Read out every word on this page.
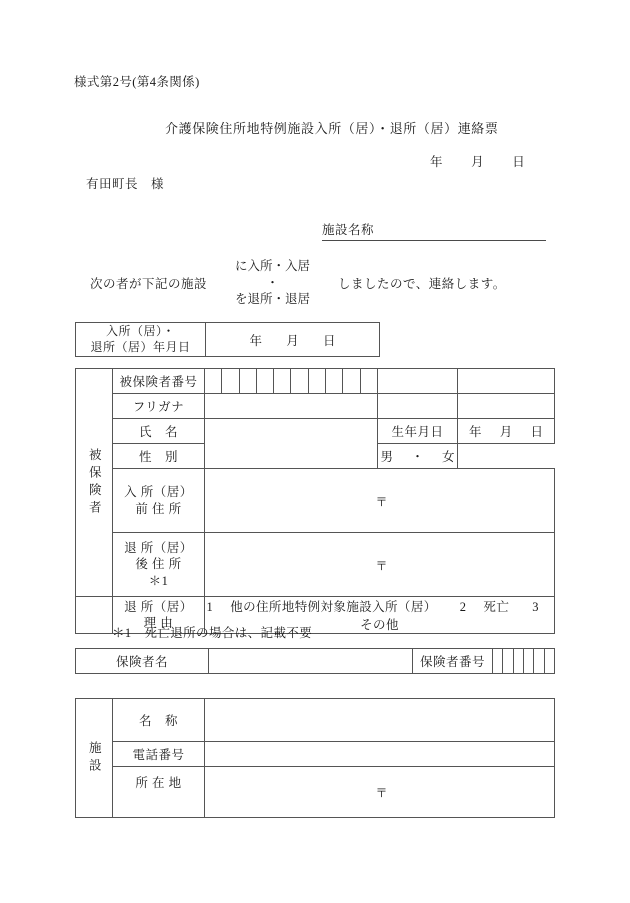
様式第2号(第4条関係)
介護保険住所地特例施設入所（居）・退所（居）連絡票
年 月 日
有田町長　様
施設名称
次の者が下記の施設
に入所・入居
・
を退所・退居
しましたので、連絡します。
入所（居）・
退所（居）年月日	年 月 日
被保険者	被保険者番号	

	フリガナ			
	氏　名		生年月日	年 月 日
	性　別		男 ・ 女	
	入 所（居）
前 住 所	〒		
	退 所（居）
後 住 所
＊1	〒		
	退 所（居）
理 由	1 他の住所地特例対象施設入所（居） 2 死亡 3  その他		
＊1　死亡退所の場合は、記載不要
保険者名		保険者番号	
施設	名　称	
	電話番号	
	所 在 地	〒
